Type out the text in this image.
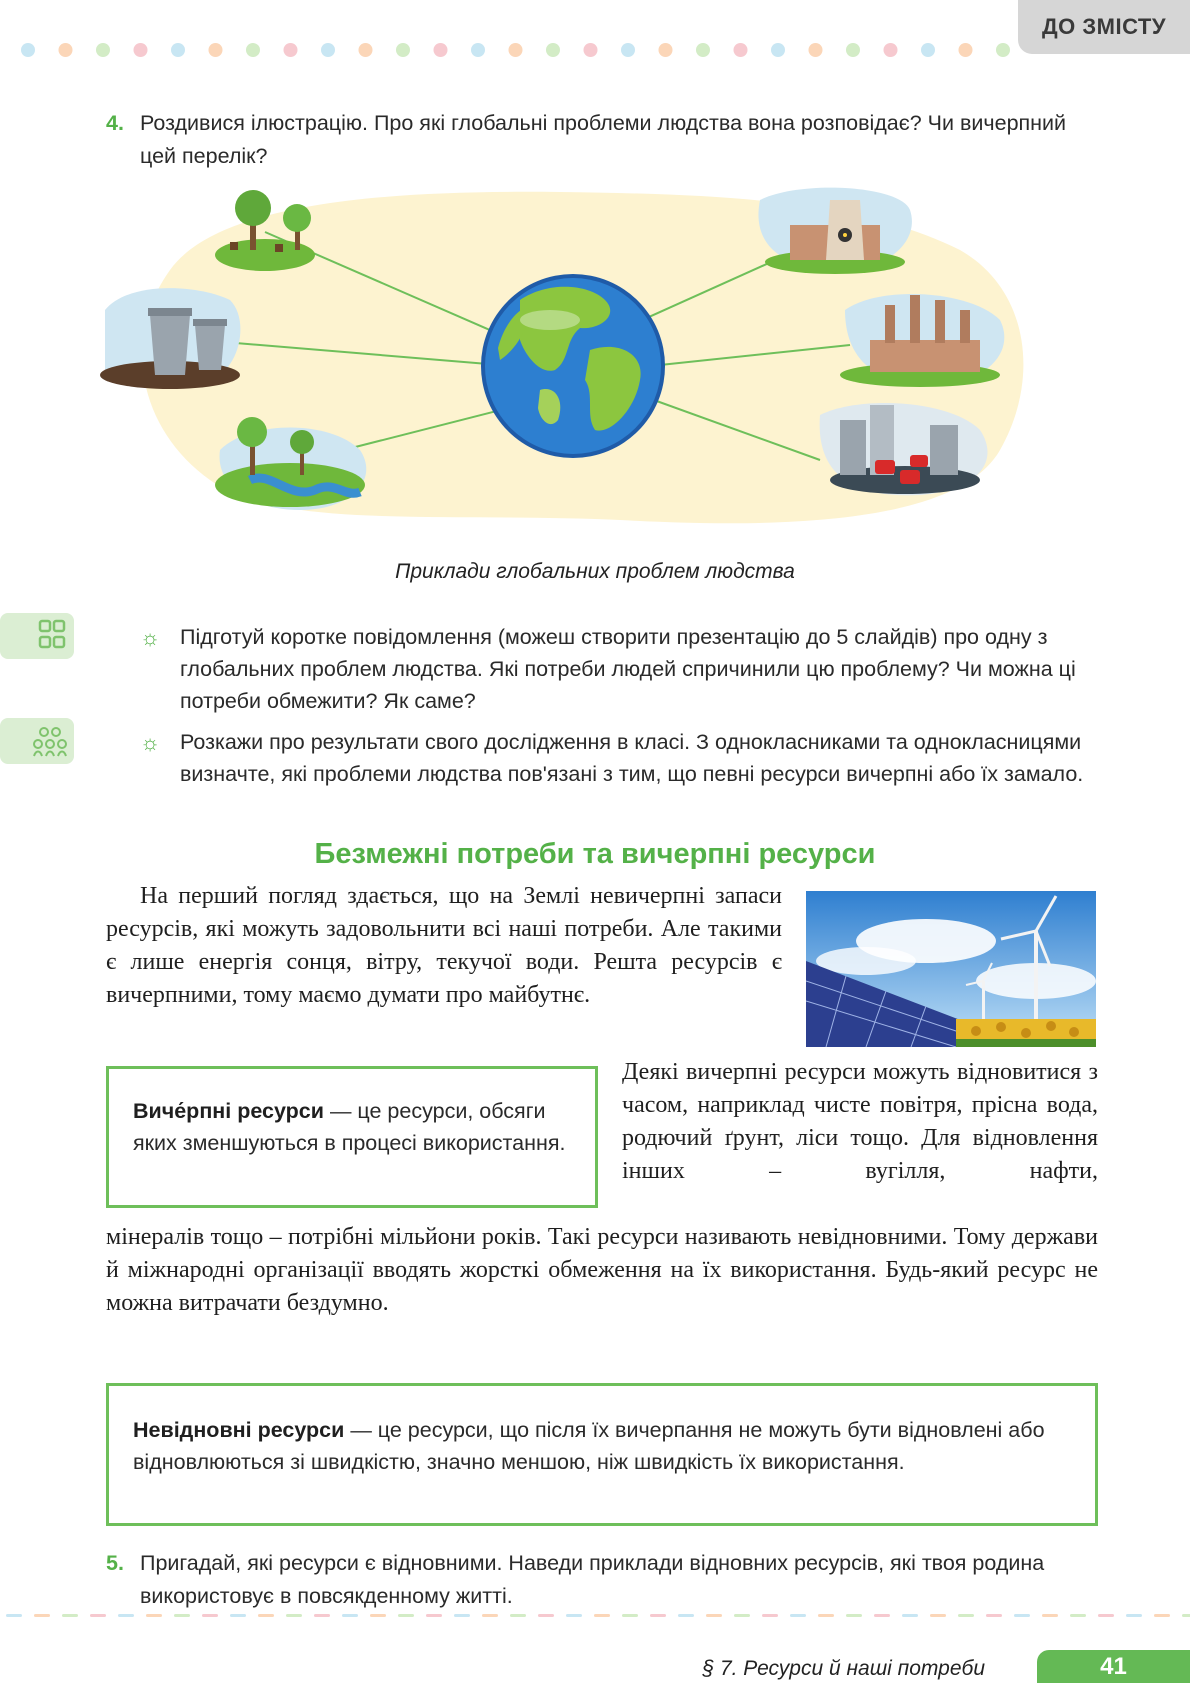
ДО ЗМІСТУ
4. Роздивися ілюстрацію. Про які глобальні проблеми людства вона розповідає? Чи вичерпний цей перелік?
Приклади глобальних проблем людства
☼ Підготуй коротке повідомлення (можеш створити презентацію до 5 слайдів) про одну з глобальних проблем людства. Які потреби людей спричинили цю проблему? Чи можна ці потреби обмежити? Як саме?
☼ Розкажи про результати свого дослідження в класі. З однокласниками та однокласницями визначте, які проблеми людства пов'язані з тим, що певні ресурси вичерпні або їх замало.
Безмежні потреби та вичерпні ресурси
На перший погляд здається, що на Землі невичерпні запаси ресурсів, які можуть задовольнити всі наші потреби. Але такими є лише енергія сонця, вітру, текучої води. Решта ресурсів є вичерпними, тому маємо думати про майбутнє.
Виче́рпні ресурси — це ресурси, обсяги яких зменшуються в процесі використання.
Деякі вичерпні ресурси можуть відновитися з часом, наприклад чисте повітря, прісна вода, родючий ґрунт, ліси тощо. Для відновлення інших – вугілля, нафти,
мінералів тощо – потрібні мільйони років. Такі ресурси називають невідновними. Тому держави й міжнародні організації вводять жорсткі обмеження на їх використання. Будь-який ресурс не можна витрачати бездумно.
Невідновні ресурси — це ресурси, що після їх вичерпання не можуть бути відновлені або відновлюються зі швидкістю, значно меншою, ніж швидкість їх використання.
5. Пригадай, які ресурси є відновними. Наведи приклади відновних ресурсів, які твоя родина використовує в повсякденному житті.
§ 7. Ресурси й наші потреби	41
